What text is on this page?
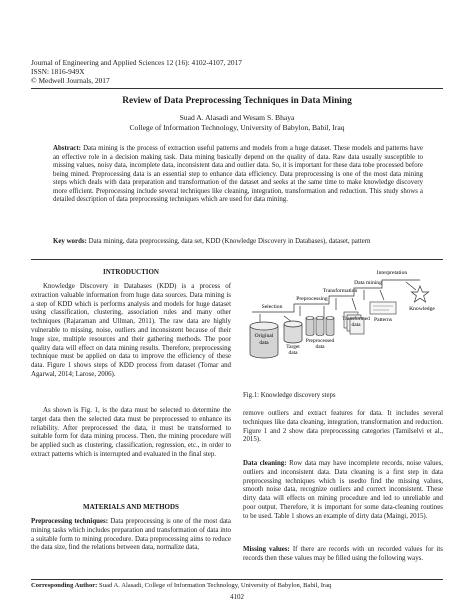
Journal of Engineering and Applied Sciences 12 (16): 4102-4107, 2017
ISSN: 1816-949X
© Medwell Journals, 2017
Review of Data Preprocessing Techniques in Data Mining
Suad A. Alasadi and Wesam S. Bhaya
College of Information Technology, University of Babylon, Babil, Iraq
Abstract: Data mining is the process of extraction useful patterns and models from a huge dataset. These models and patterns have an effective role in a decision making task. Data mining basically depend on the quality of data. Raw data usually susceptible to missing values, noisy data, incomplete data, inconsistent data and outlier data. So, it is important for these data tobe processed before being mined. Preprocessing data is an essential step to enhance data efficiency. Data preprocessing is one of the most data mining steps which deals with data preparation and transformation of the dataset and seeks at the same time to make knowledge discovery more efficient. Preprocessing include several techniques like cleaning, integration, transformation and reduction. This study shows a detailed description of data preprocessing techniques which are used for data mining.
Key words: Data mining, data preprocessing, data set, KDD (Knowledge Discovery in Databases), dataset, pattern
INTRODUCTION
Knowledge Discovery in Databases (KDD) is a process of extraction valuable information from huge data sources. Data mining is a step of KDD which is performs analysis and models for huge dataset using classification, clustering, association rules and many other techniques (Rajaraman and Ullman, 2011). The raw data are highly vulnerable to missing, noise, outliers and inconsistent because of their huge size, multiple resources and their gathering methods. The poor quality data will effect on data mining results. Therefore, preprocessing technique must be applied on data to improve the efficiency of these data. Figure 1 shows steps of KDD process from dataset (Tomar and Agarwal, 2014; Larose, 2006).
As shown is Fig. 1, is the data must be selected to determine the target data then the selected data must be preprocessed to enhance its reliability. After preprocessed the data, it must be transformed to suitable form for data mining process. Then, the mining procedure will be applied such as clustering, classification, regression, etc., in order to extract patterns which is interrupted and evaluated in the final step.
MATERIALS AND METHODS
Preprocessing techniques: Data preprocessing is one of the most data mining tasks which includes preparation and transformation of data into a suitable form to mining procedure. Data preprocessing aims to reduce the data size, find the relations between data, normalize data,
Original
data
Target
data
Preprocessed
data
Transformed
data
Patterns
Knowledge
Interpretation
Data mining
Transformation
Preprocessing
Selection
Fig.1: Knowledge discovery steps
remove outliers and extract features for data. It includes several techniques like data cleaning, integration, transformation and reduction. Figure 1 and 2 show data preprocessing categories (Tamilselvi et al., 2015).
Data cleaning: Row data may have incomplete records, noise values, outliers and inconsistent data. Data cleaning is a first step in data preprocessing techniques which is usedto find the missing values, smooth noise data, recognize outliers and correct inconsistent. These dirty data will effects on mining procedure and led to unreliable and poor output. Therefore, it is important for some data-cleaning routines to be used. Table 1 shows an example of dirty data (Maingi, 2015).
Missing values: If there are records with un recorded values for its records then these values may be filled using the following ways.
Corresponding Author: Suad A. Alasadi, College of Information Technology, University of Babylon, Babil, Iraq
4102
